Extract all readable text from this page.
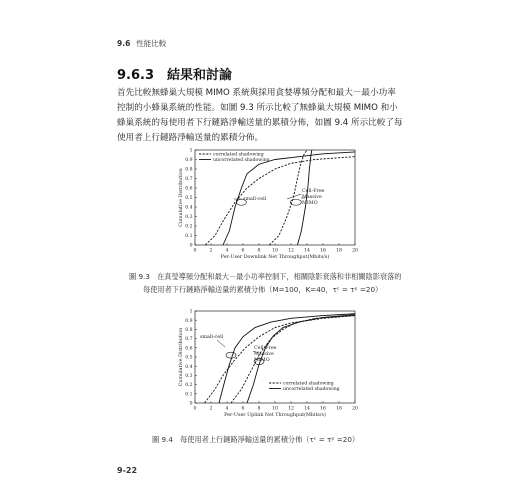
9.6 性能比較
9.6.3　結果和討論
首先比較無蜂巢大規模 MIMO 系統與採用貪婪導頻分配和最大－最小功率控制的小蜂巢系統的性能。如圖 9.3 所示比較了無蜂巢大規模 MIMO 和小蜂巢系統的每使用者下行鏈路淨輸送量的累積分佈，如圖 9.4 所示比較了每使用者上行鏈路淨輸送量的累積分佈。
0	2	4	6	8	10 12 14 16 18 20
0
0.1
0.2
0.3
0.4
0.5
0.6
0.7
0.8
0.9
1
Per-User Downlink Net Throughput(Mbits/s)
Cumulative Distribution
correlated shadowing
uncorrelated shadowing
small-cell
Cell-Free
Massive
MIMO
圖 9.3　在真瑩導頻分配和最大－最小功率控制下，相關陰影衰落和非相關陰影衰落的
每使用者下行鏈路淨輸送量的累積分佈（M=100，K=40，τᶜ = τᵖ =20）
0	2	4	6	8	10 12 14 16 18 20
0
0.1
0.2
0.3
0.4
0.5
0.6
0.7
0.8
0.9
1
Per-User Uplink Net Throughput(Mbits/s)
Cumulative Distribution	correlated shadowing
uncorrelated shadowing
small-cell
Cell-Free
Massive
MIMO
圖 9.4　每使用者上行鏈路淨輸送量的累積分佈（τᶜ = τᵖ =20）
9-22
